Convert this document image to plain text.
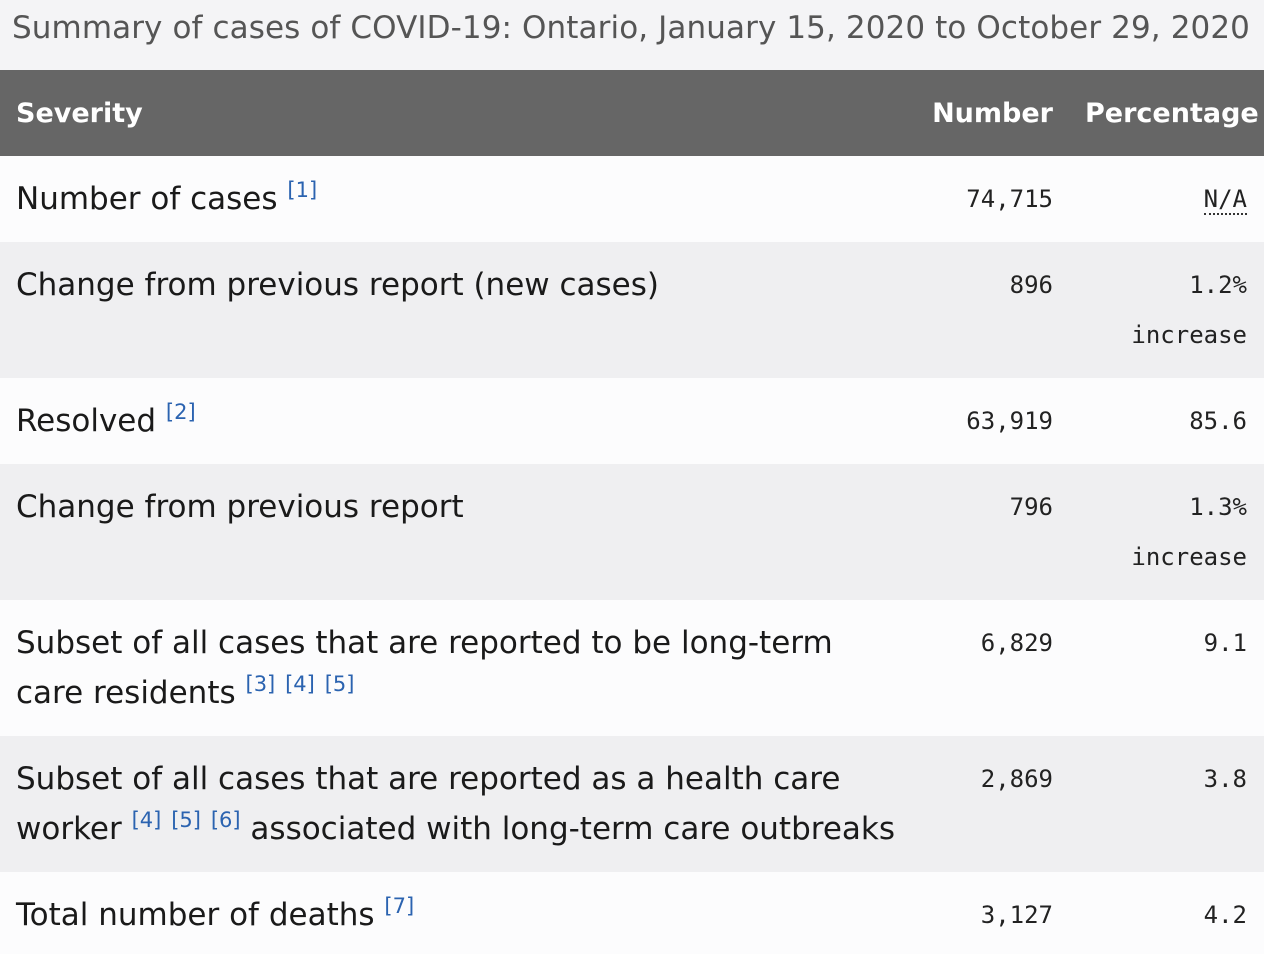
Summary of cases of COVID-19: Ontario, January 15, 2020 to October 29, 2020
Severity	Number	Percentage
Number of cases [1]	74,715	N/A
Change from previous report (new cases)	896	1.2% increase
Resolved [2]	63,919	85.6
Change from previous report	796	1.3% increase
Subset of all cases that are reported to be long-term care residents [3] [4] [5]	6,829	9.1
Subset of all cases that are reported as a health care worker [4] [5] [6] associated with long-term care outbreaks	2,869	3.8
Total number of deaths [7]	3,127	4.2
